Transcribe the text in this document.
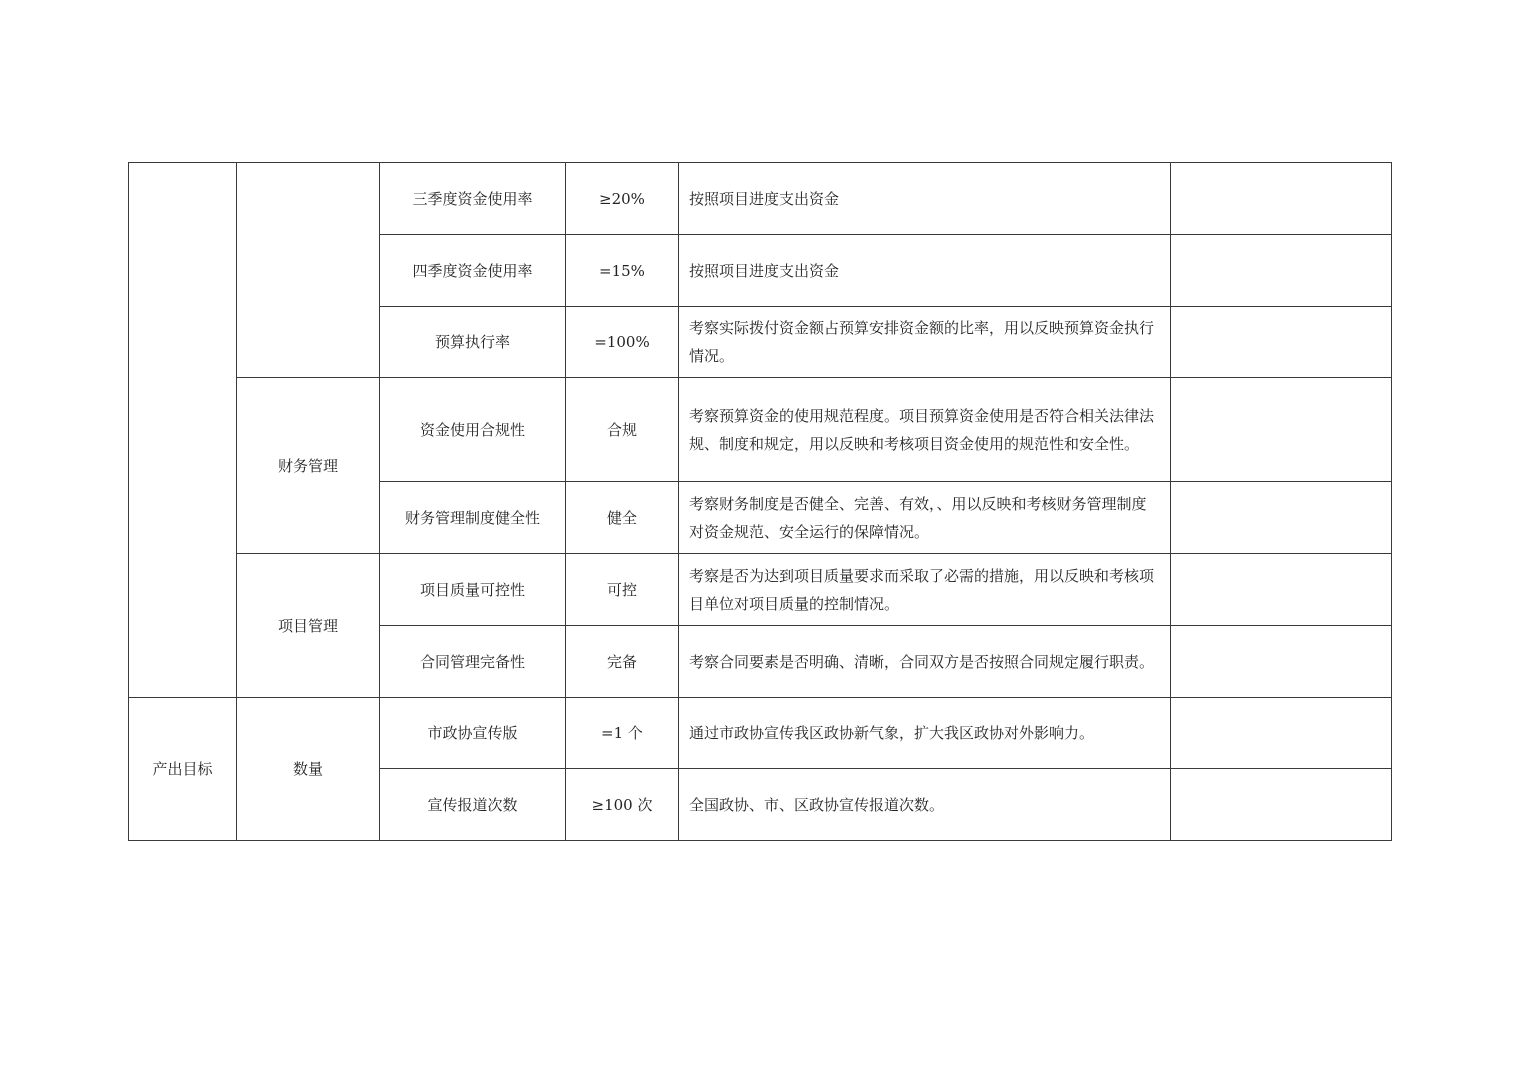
		三季度资金使用率	≥20%	按照项目进度支出资金	
		四季度资金使用率	=15%	按照项目进度支出资金	
		预算执行率	=100%	考察实际拨付资金额占预算安排资金额的比率，用以反映预算资金执行情况。	
	财务管理	资金使用合规性	合规	考察预算资金的使用规范程度。项目预算资金使用是否符合相关法律法规、制度和规定，用以反映和考核项目资金使用的规范性和安全性。	
		财务管理制度健全性	健全	考察财务制度是否健全、完善、有效，、用以反映和考核财务管理制度对资金规范、安全运行的保障情况。	
	项目管理	项目质量可控性	可控	考察是否为达到项目质量要求而采取了必需的措施，用以反映和考核项目单位对项目质量的控制情况。	
		合同管理完备性	完备	考察合同要素是否明确、清晰，合同双方是否按照合同规定履行职责。	
产出目标	数量	市政协宣传版	=1 个	通过市政协宣传我区政协新气象，扩大我区政协对外影响力。	
		宣传报道次数	≥100 次	全国政协、市、区政协宣传报道次数。	
